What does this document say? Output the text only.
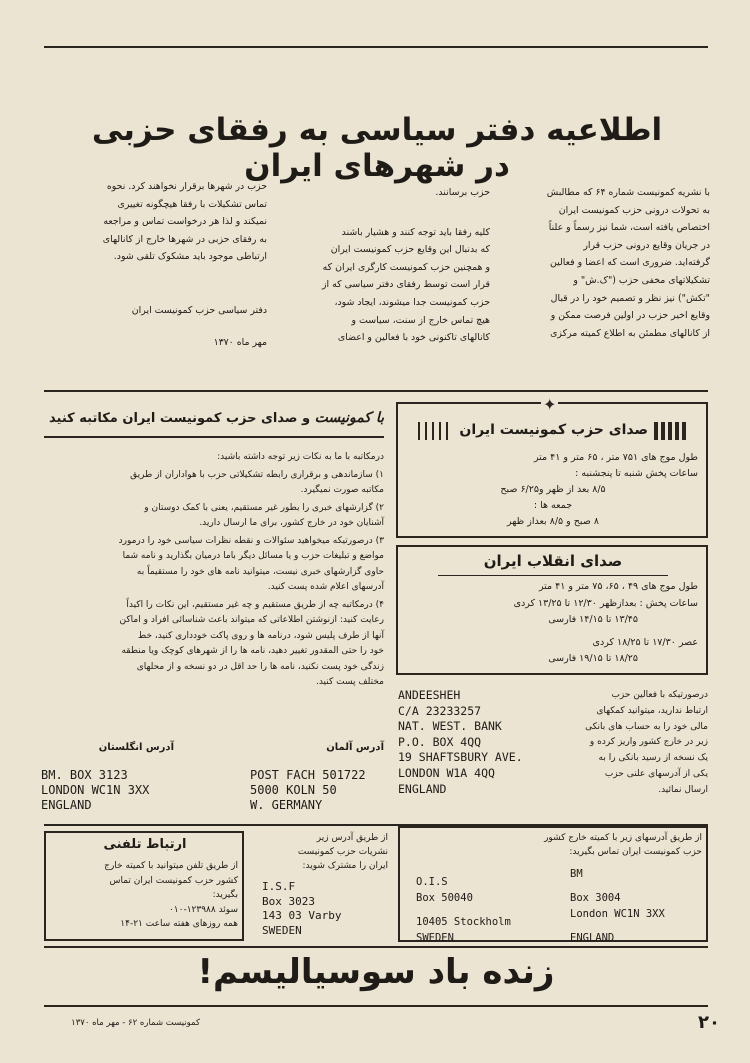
اطلاعیه دفتر سیاسی به رفقای حزبی در شهرهای ایران

با نشریه کمونیست شماره ۶۴ که مطالبش

به تحولات درونی حزب کمونیست ایران

اختصاص یافته است، شما نیز رسماً و علناً

در جریان وقایع درونی حزب قرار

گرفته‌اید. ضروری است که اعضا و فعالین

تشکیلاتهای مخفی حزب ("ک.ش" و

"تکش") نیز نظر و تصمیم خود را در قبال

وقایع اخیر حزب در اولین فرصت ممکن و

از کانالهای مطمئن به اطلاع کمیته مرکزی

حزب برسانند.

کلیه رفقا باید توجه کنند و هشیار باشند

که بدنبال این وقایع حزب کمونیست ایران

و همچنین حزب کمونیست کارگری ایران که

قرار است توسط رفقای دفتر سیاسی که از

حزب کمونیست جدا میشوند، ایجاد شود،

هیچ تماس خارج از سنت، سیاست و

کانالهای تاکنونی خود با فعالین و اعضای

حزب در شهرها برقرار نخواهند کرد. نحوه

تماس تشکیلات با رفقا هیچگونه تغییری

نمیکند و لذا هر درخواست تماس و مراجعه

به رفقای حزبی در شهرها خارج از کانالهای

ارتباطی موجود باید مشکوک تلقی شود.

دفتر سیاسی حزب کمونیست ایران

مهر ماه ۱۳۷۰

با کمونیست و صدای حزب کمونیست ایران مکاتبه کنید
درمکاتبه با ما به نکات زیر توجه داشته باشید:
۱) سازماندهی و برقراری رابطه تشکیلاتی حزب با هواداران از طریق
مکاتبه صورت نمیگیرد.
۲) گزارشهای خبری را بطور غیر مستقیم، یعنی با کمک دوستان و
آشنایان خود در خارج کشور، برای ما ارسال دارید.
۳) درصورتیکه میخواهید سئوالات و نقطه نظرات سیاسی خود را درمورد
مواضع و تبلیغات حزب و یا مسائل دیگر باما درمیان بگذارید و نامه شما
حاوی گزارشهای خبری نیست، میتوانید نامه های خود را مستقیماً به
آدرسهای اعلام شده پست کنید.
۴) درمکاتبه چه از طریق مستقیم و چه غیر مستقیم، این نکات را اکیداً
رعایت کنید: ازنوشتن اطلاعاتی که میتواند باعث شناسائی افراد و اماکن
آنها از طرف پلیس شود، درنامه ها و روی پاکت خودداری کنید، خط
خود را حتی المقدور تغییر دهید، نامه ها را از شهرهای کوچک ویا منطقه
زندگی خود پست نکنید، نامه ها را حد اقل در دو نسخه و از محلهای
مختلف پست کنید.
آدرس انگلستان	آدرس آلمان
BM. BOX 3123
LONDON WC1N 3XX
ENGLAND
POST FACH 501722
5000 KOLN 50
W. GERMANY
صدای حزب کمونیست ایران
✦
طول موج های ۷۵۱ متر ، ۶۵ متر و ۴۱ متر
ساعات پخش شنبه تا پنجشنبه :
۸/۵ بعد از ظهر و۶/۲۵ صبح
جمعه ها :
۸ صبح و ۸/۵ بعداز ظهر
صدای انقلاب ایران
طول موج های ۴۹ ، ۶۵، ۷۵ متر و ۴۱ متر
ساعات پخش : بعدازظهر ۱۲/۳۰ تا ۱۳/۲۵ کردی
۱۳/۴۵ تا ۱۴/۱۵ فارسی
عصر ۱۷/۳۰ تا ۱۸/۲۵ کردی
۱۸/۲۵ تا ۱۹/۱۵ فارسی
ANDEESHEH
C/A 23233257
NAT. WEST. BANK
P.O. BOX 4QQ
19 SHAFTSBURY AVE.
LONDON W1A 4QQ
ENGLAND
درصورتیکه با فعالین حزب
ارتباط ندارید، میتوانید کمکهای
مالی خود را به حساب های بانکی
زیر در خارج کشور واریز کرده و
یک نسخه از رسید بانکی را به
یکی از آدرسهای علنی حزب
ارسال نمائید.
ارتباط تلفنی
از طریق تلفن میتوانید با کمیته خارج
کشور حزب کمونیست ایران تماس
بگیرید:
سوئد ۱۲۳۹۸۸-۰۱۰
همه روزهای هفته ساعت ۲۱-۱۴
از طریق آدرس زیر
نشریات حزب کمونیست
ایران را مشترک شوید:
I.S.F
Box 3023
143 03 Varby
SWEDEN
از طریق آدرسهای زیر با کمیته خارج کشور
حزب کمونیست ایران تماس بگیرید:
O.I.S
Box 50040
10405 Stockholm
SWEDEN
BM
Box 3004
London WC1N 3XX
ENGLAND
زنده باد سوسیالیسم!
۲۰
کمونیست شماره ۶۲ - مهر ماه ۱۳۷۰
